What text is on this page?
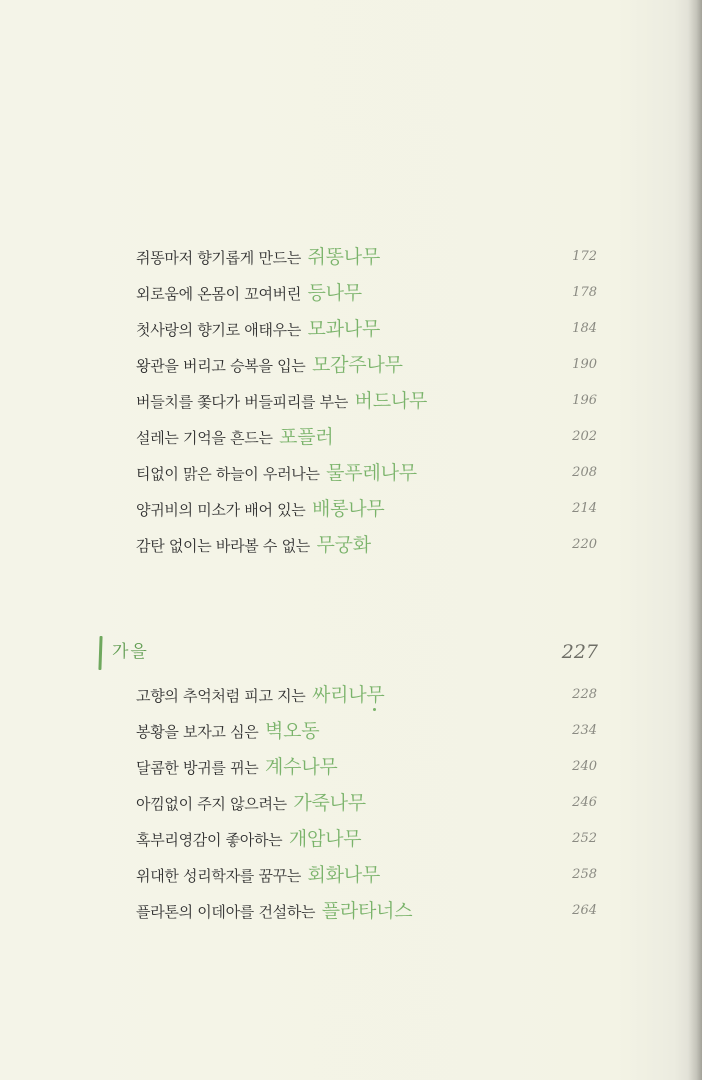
쥐똥마저 향기롭게 만드는 쥐똥나무	172
외로움에 온몸이 꼬여버린 등나무	178
첫사랑의 향기로 애태우는 모과나무	184
왕관을 버리고 승복을 입는 모감주나무	190
버들치를 쫓다가 버들피리를 부는 버드나무	196
설레는 기억을 흔드는 포플러	202
티없이 맑은 하늘이 우러나는 물푸레나무	208
양귀비의 미소가 배어 있는 배롱나무	214
감탄 없이는 바라볼 수 없는 무궁화	220
가을	227
고향의 추억처럼 피고 지는 싸리나무	228
봉황을 보자고 심은 벽오동	234
달콤한 방귀를 뀌는 계수나무	240
아낌없이 주지 않으려는 가죽나무	246
혹부리영감이 좋아하는 개암나무	252
위대한 성리학자를 꿈꾸는 회화나무	258
플라톤의 이데아를 건설하는 플라타너스	264
